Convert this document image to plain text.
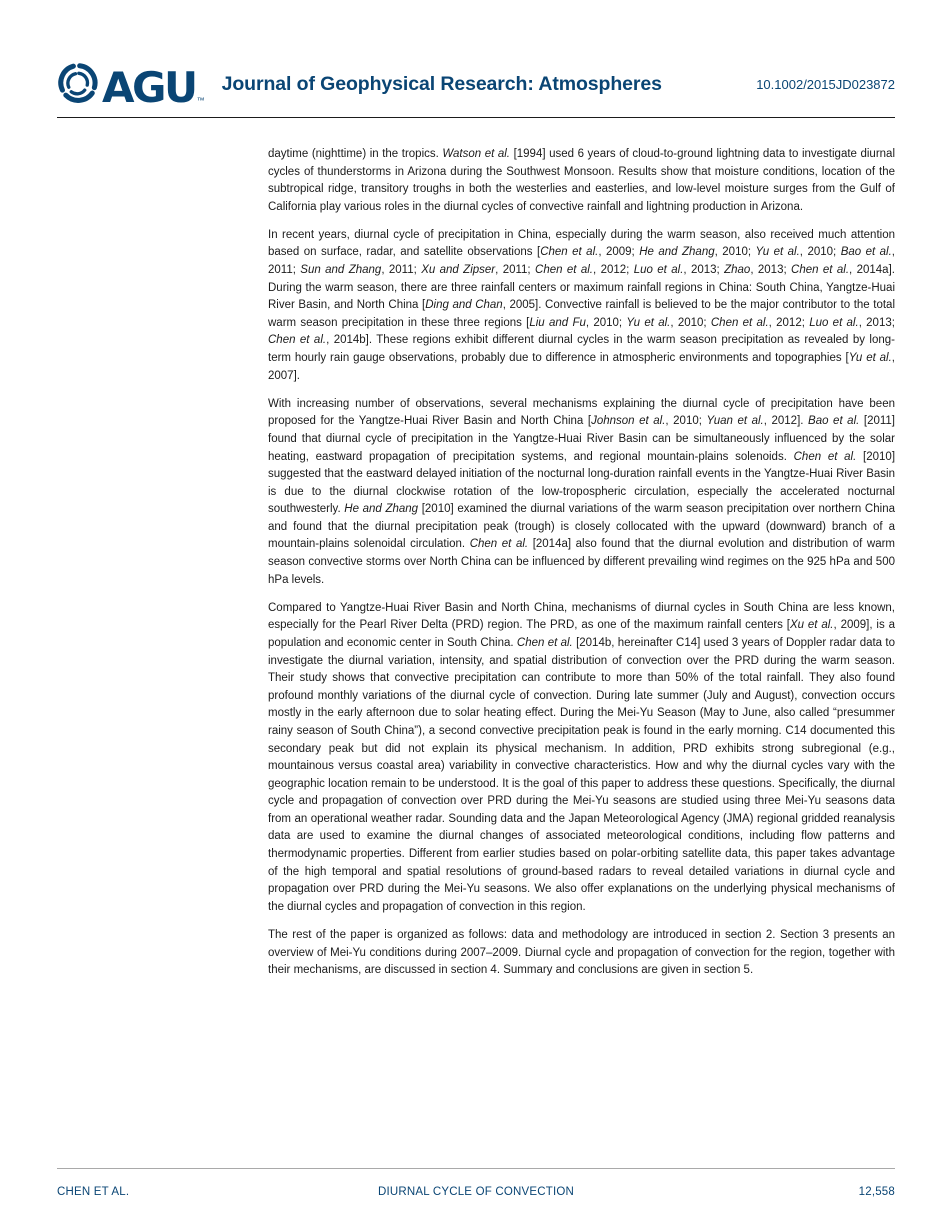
AGU ™
Journal of Geophysical Research: Atmospheres	10.1002/2015JD023872

daytime (nighttime) in the tropics. Watson et al. [1994] used 6 years of cloud-to-ground lightning data to investigate diurnal cycles of thunderstorms in Arizona during the Southwest Monsoon. Results show that moisture conditions, location of the subtropical ridge, transitory troughs in both the westerlies and easterlies, and low-level moisture surges from the Gulf of California play various roles in the diurnal cycles of convective rainfall and lightning production in Arizona.

In recent years, diurnal cycle of precipitation in China, especially during the warm season, also received much attention based on surface, radar, and satellite observations [Chen et al., 2009; He and Zhang, 2010; Yu et al., 2010; Bao et al., 2011; Sun and Zhang, 2011; Xu and Zipser, 2011; Chen et al., 2012; Luo et al., 2013; Zhao, 2013; Chen et al., 2014a]. During the warm season, there are three rainfall centers or maximum rainfall regions in China: South China, Yangtze-Huai River Basin, and North China [Ding and Chan, 2005]. Convective rainfall is believed to be the major contributor to the total warm season precipitation in these three regions [Liu and Fu, 2010; Yu et al., 2010; Chen et al., 2012; Luo et al., 2013; Chen et al., 2014b]. These regions exhibit different diurnal cycles in the warm season precipitation as revealed by long-term hourly rain gauge observations, probably due to difference in atmospheric environments and topographies [Yu et al., 2007].

With increasing number of observations, several mechanisms explaining the diurnal cycle of precipitation have been proposed for the Yangtze-Huai River Basin and North China [Johnson et al., 2010; Yuan et al., 2012]. Bao et al. [2011] found that diurnal cycle of precipitation in the Yangtze-Huai River Basin can be simultaneously influenced by the solar heating, eastward propagation of precipitation systems, and regional mountain-plains solenoids. Chen et al. [2010] suggested that the eastward delayed initiation of the nocturnal long-duration rainfall events in the Yangtze-Huai River Basin is due to the diurnal clockwise rotation of the low-tropospheric circulation, especially the accelerated nocturnal southwesterly. He and Zhang [2010] examined the diurnal variations of the warm season precipitation over northern China and found that the diurnal precipitation peak (trough) is closely collocated with the upward (downward) branch of a mountain-plains solenoidal circulation. Chen et al. [2014a] also found that the diurnal evolution and distribution of warm season convective storms over North China can be influenced by different prevailing wind regimes on the 925 hPa and 500 hPa levels.

Compared to Yangtze-Huai River Basin and North China, mechanisms of diurnal cycles in South China are less known, especially for the Pearl River Delta (PRD) region. The PRD, as one of the maximum rainfall centers [Xu et al., 2009], is a population and economic center in South China. Chen et al. [2014b, hereinafter C14] used 3 years of Doppler radar data to investigate the diurnal variation, intensity, and spatial distribution of convection over the PRD during the warm season. Their study shows that convective precipitation can contribute to more than 50% of the total rainfall. They also found profound monthly variations of the diurnal cycle of convection. During late summer (July and August), convection occurs mostly in the early afternoon due to solar heating effect. During the Mei-Yu Season (May to June, also called “presummer rainy season of South China”), a second convective precipitation peak is found in the early morning. C14 documented this secondary peak but did not explain its physical mechanism. In addition, PRD exhibits strong subregional (e.g., mountainous versus coastal area) variability in convective characteristics. How and why the diurnal cycles vary with the geographic location remain to be understood. It is the goal of this paper to address these questions. Specifically, the diurnal cycle and propagation of convection over PRD during the Mei-Yu seasons are studied using three Mei-Yu seasons data from an operational weather radar. Sounding data and the Japan Meteorological Agency (JMA) regional gridded reanalysis data are used to examine the diurnal changes of associated meteorological conditions, including flow patterns and thermodynamic properties. Different from earlier studies based on polar-orbiting satellite data, this paper takes advantage of the high temporal and spatial resolutions of ground-based radars to reveal detailed variations in diurnal cycle and propagation over PRD during the Mei-Yu seasons. We also offer explanations on the underlying physical mechanisms of the diurnal cycles and propagation of convection in this region.

The rest of the paper is organized as follows: data and methodology are introduced in section 2. Section 3 presents an overview of Mei-Yu conditions during 2007–2009. Diurnal cycle and propagation of convection for the region, together with their mechanisms, are discussed in section 4. Summary and conclusions are given in section 5.

CHEN ET AL.	DIURNAL CYCLE OF CONVECTION	12,558
